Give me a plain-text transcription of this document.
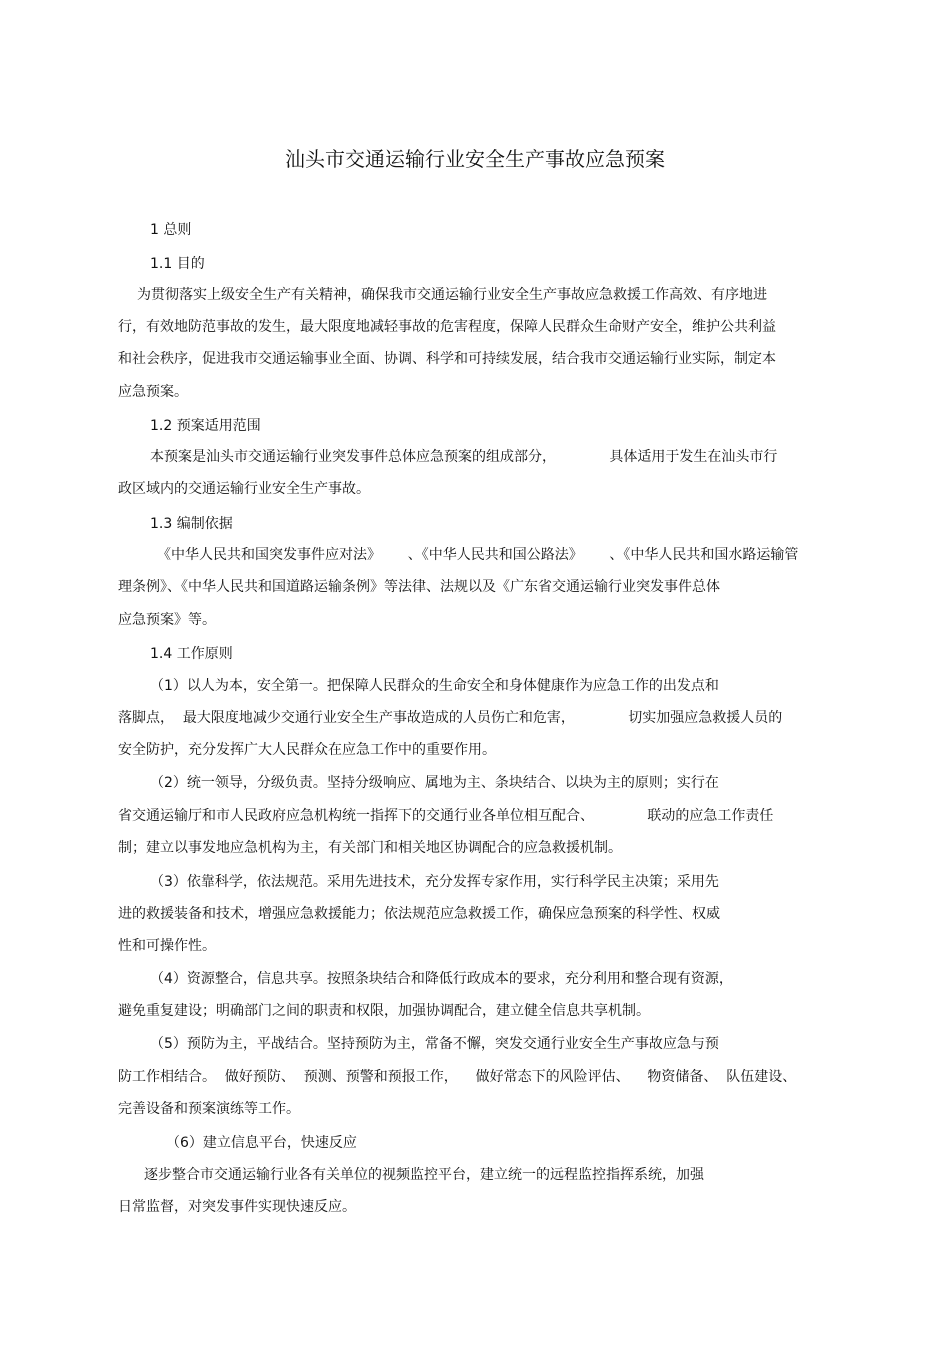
汕头市交通运输行业安全生产事故应急预案
1 总则
1.1 目的
为贯彻落实上级安全生产有关精神，确保我市交通运输行业安全生产事故应急救援工作高效、有序地进
行，有效地防范事故的发生，最大限度地减轻事故的危害程度，保障人民群众生命财产安全，维护公共利益
和社会秩序，促进我市交通运输事业全面、协调、科学和可持续发展，结合我市交通运输行业实际，制定本
应急预案。
1.2 预案适用范围
本预案是汕头市交通运输行业突发事件总体应急预案的组成部分，            具体适用于发生在汕头市行
政区域内的交通运输行业安全生产事故。
1.3 编制依据
《中华人民共和国突发事件应对法》      、《中华人民共和国公路法》      、《中华人民共和国水路运输管
理条例》、《中华人民共和国道路运输条例》等法律、法规以及《广东省交通运输行业突发事件总体
应急预案》等。
1.4 工作原则
（1）以人为本，安全第一。把保障人民群众的生命安全和身体健康作为应急工作的出发点和
落脚点，  最大限度地减少交通行业安全生产事故造成的人员伤亡和危害，            切实加强应急救援人员的
安全防护，充分发挥广大人民群众在应急工作中的重要作用。
（2）统一领导，分级负责。坚持分级响应、属地为主、条块结合、以块为主的原则；实行在
省交通运输厅和市人民政府应急机构统一指挥下的交通行业各单位相互配合、            联动的应急工作责任
制；建立以事发地应急机构为主，有关部门和相关地区协调配合的应急救援机制。
（3）依靠科学，依法规范。采用先进技术，充分发挥专家作用，实行科学民主决策；采用先
进的救援装备和技术，增强应急救援能力；依法规范应急救援工作，确保应急预案的科学性、权威
性和可操作性。
（4）资源整合，信息共享。按照条块结合和降低行政成本的要求，充分利用和整合现有资源，
避免重复建设；明确部门之间的职责和权限，加强协调配合，建立健全信息共享机制。
（5）预防为主，平战结合。坚持预防为主，常备不懈，突发交通行业安全生产事故应急与预
防工作相结合。  做好预防、  预测、预警和预报工作，    做好常态下的风险评估、    物资储备、  队伍建设、
完善设备和预案演练等工作。
（6）建立信息平台，快速反应
逐步整合市交通运输行业各有关单位的视频监控平台，建立统一的远程监控指挥系统，加强
日常监督，对突发事件实现快速反应。
